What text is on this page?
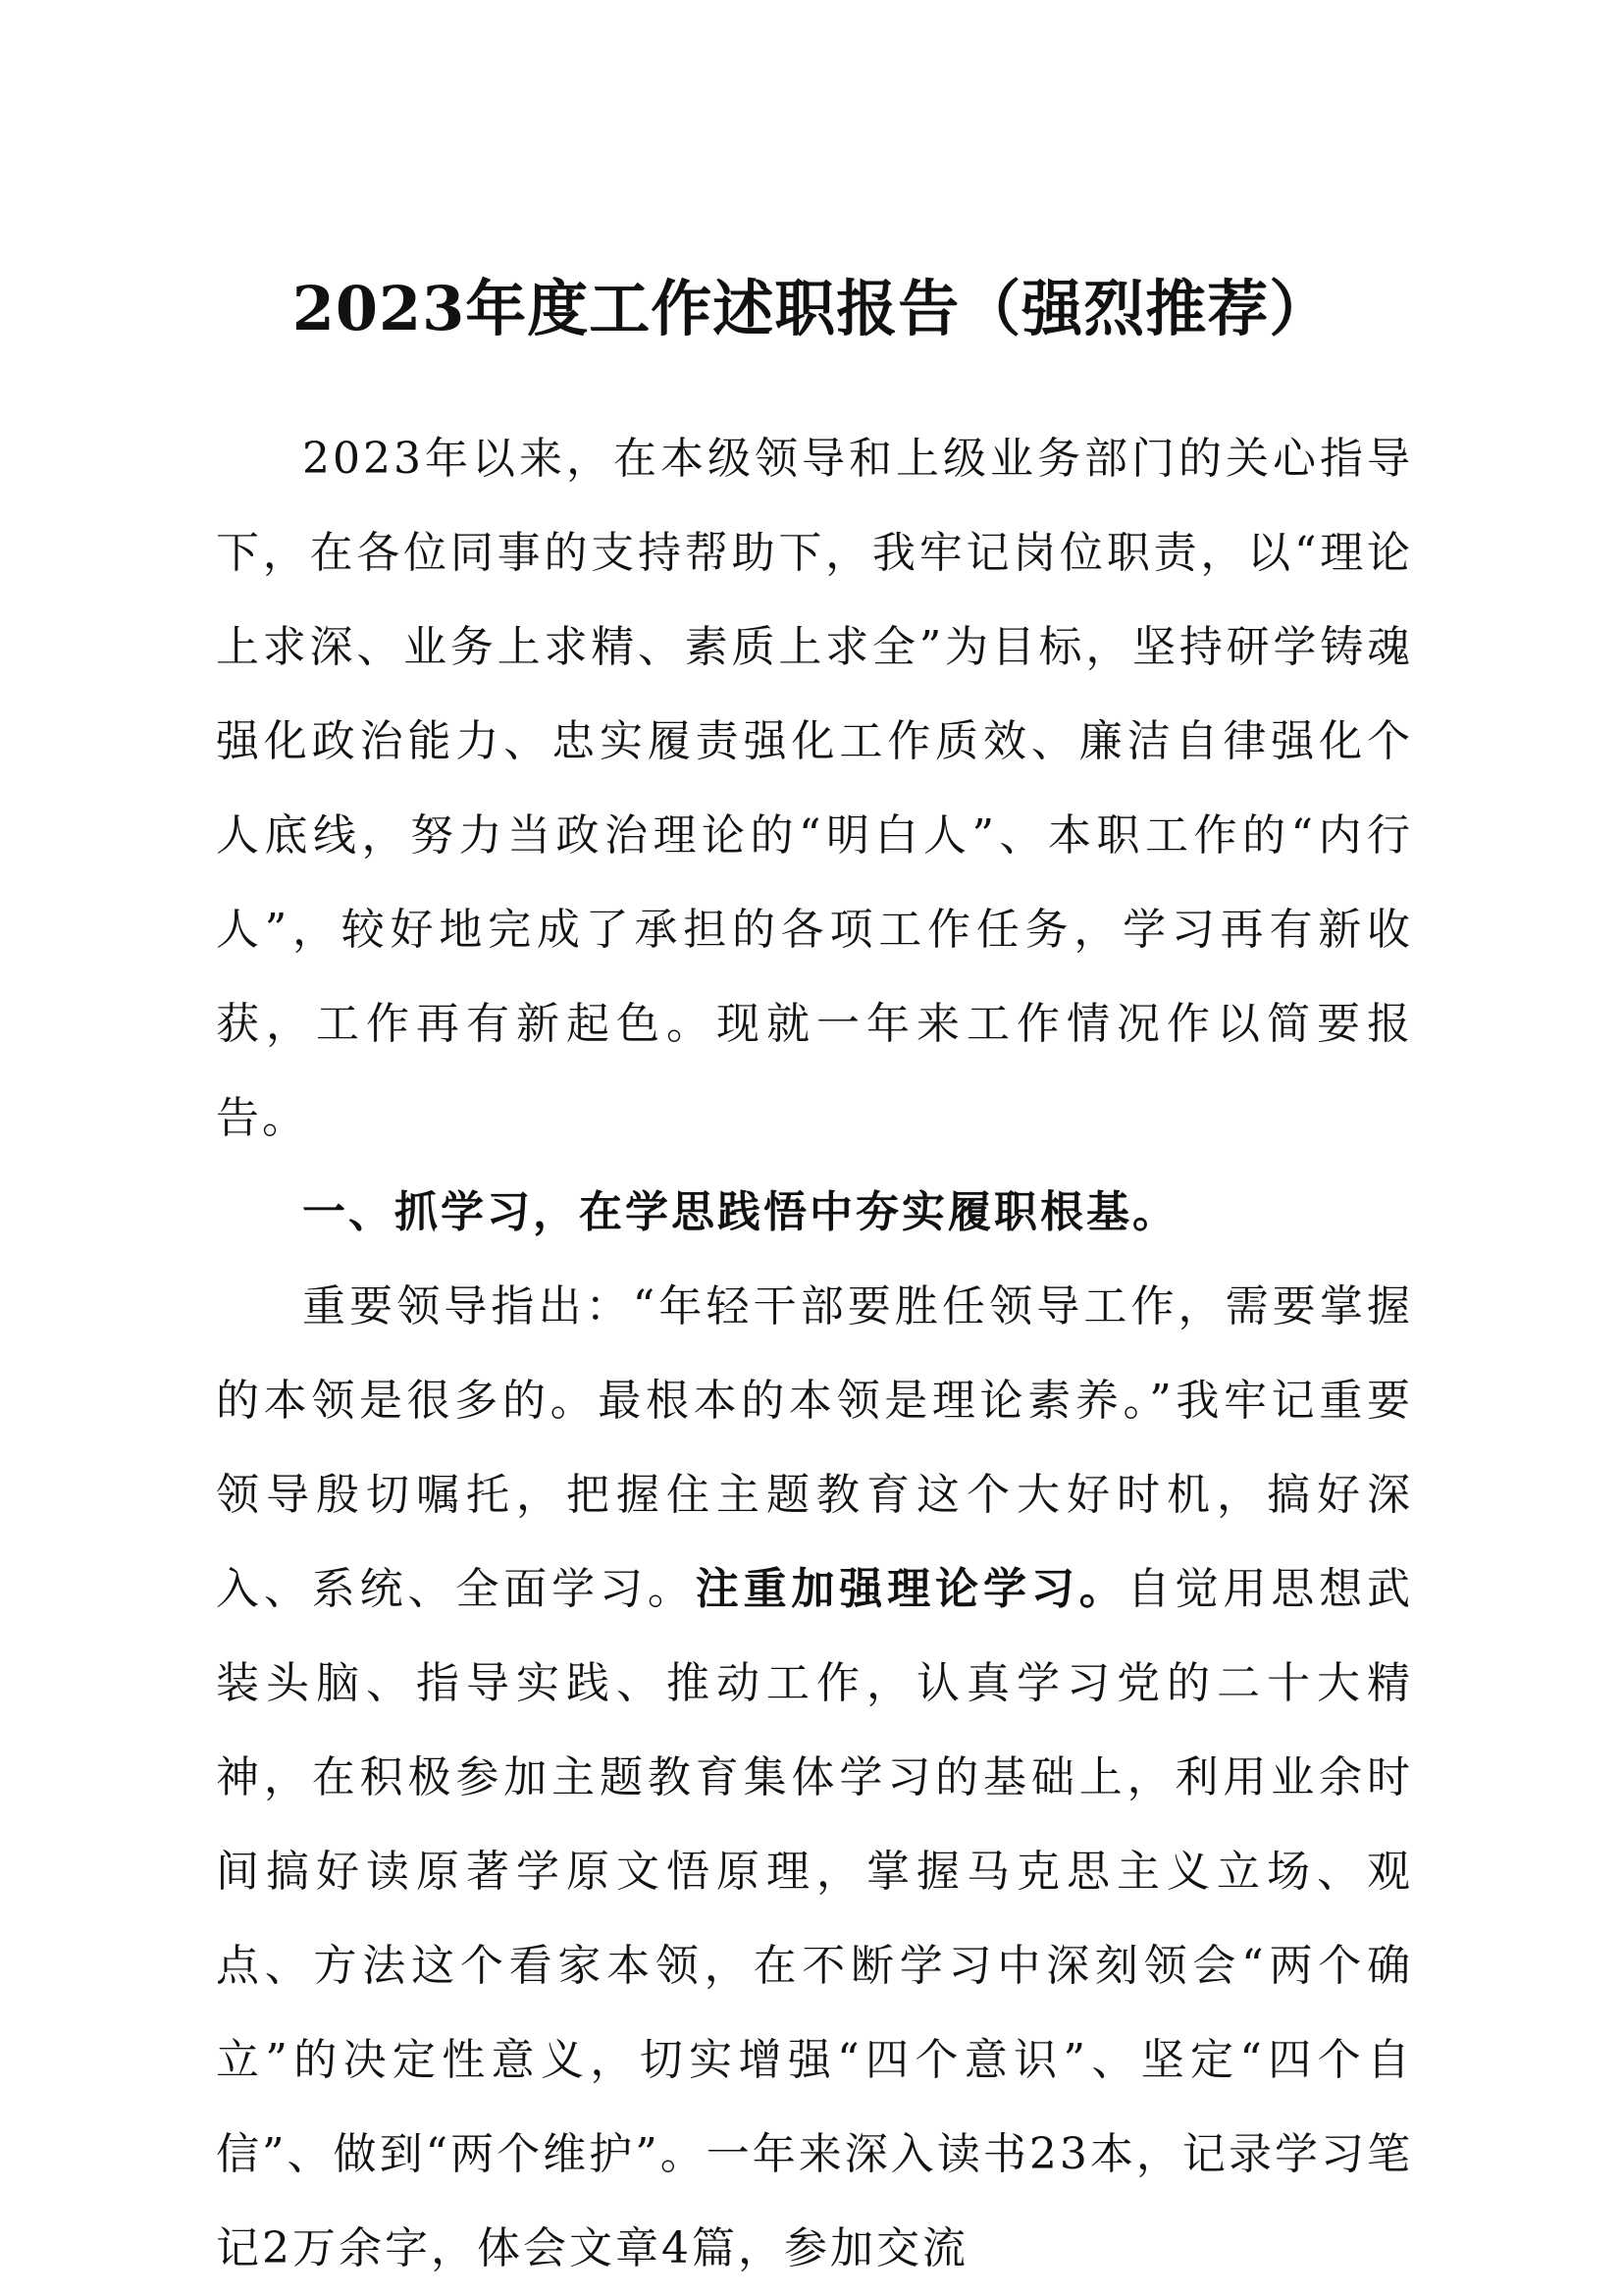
2023年度工作述职报告（强烈推荐）

2023年以来，在本级领导和上级业务部门的关心指导下，在各位同事的支持帮助下，我牢记岗位职责，以“理论上求深、业务上求精、素质上求全”为目标，坚持研学铸魂强化政治能力、忠实履责强化工作质效、廉洁自律强化个人底线，努力当政治理论的“明白人”、本职工作的“内行人”，较好地完成了承担的各项工作任务，学习再有新收获，工作再有新起色。现就一年来工作情况作以简要报告。

一、抓学习，在学思践悟中夯实履职根基。

重要领导指出：“年轻干部要胜任领导工作，需要掌握的本领是很多的。最根本的本领是理论素养。”我牢记重要领导殷切嘱托，把握住主题教育这个大好时机，搞好深入、系统、全面学习。注重加强理论学习。自觉用思想武装头脑、指导实践、推动工作，认真学习党的二十大精神，在积极参加主题教育集体学习的基础上，利用业余时间搞好读原著学原文悟原理，掌握马克思主义立场、观点、方法这个看家本领，在不断学习中深刻领会“两个确立”的决定性意义，切实增强“四个意识”、坚定“四个自信”、做到“两个维护”。一年来深入读书23本，记录学习笔记2万余字，体会文章4篇，参加交流
